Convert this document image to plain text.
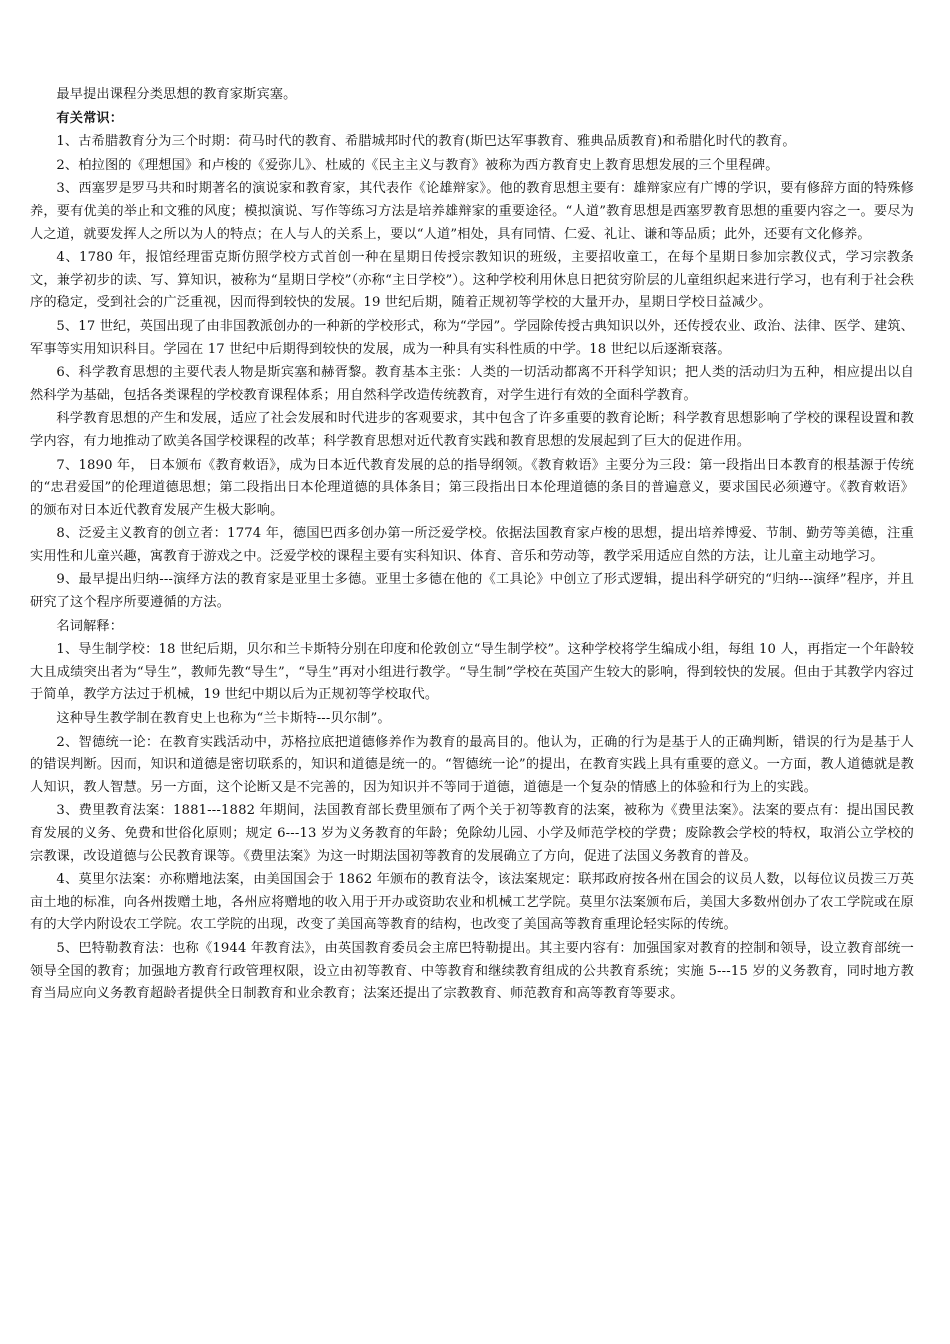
最早提出课程分类思想的教育家斯宾塞。

有关常识：

1、古希腊教育分为三个时期：荷马时代的教育、希腊城邦时代的教育(斯巴达军事教育、雅典品质教育)和希腊化时代的教育。

2、柏拉图的《理想国》和卢梭的《爱弥儿》、杜威的《民主主义与教育》被称为西方教育史上教育思想发展的三个里程碑。

3、西塞罗是罗马共和时期著名的演说家和教育家，其代表作《论雄辩家》。他的教育思想主要有：雄辩家应有广博的学识，要有修辞方面的特殊修养，要有优美的举止和文雅的风度；模拟演说、写作等练习方法是培养雄辩家的重要途径。“人道”教育思想是西塞罗教育思想的重要内容之一。要尽为人之道，就要发挥人之所以为人的特点；在人与人的关系上，要以“人道”相处，具有同情、仁爱、礼让、谦和等品质；此外，还要有文化修养。

4、1780 年，报馆经理雷克斯仿照学校方式首创一种在星期日传授宗教知识的班级，主要招收童工，在每个星期日参加宗教仪式，学习宗教条文，兼学初步的读、写、算知识，被称为“星期日学校”（亦称“主日学校”）。这种学校利用休息日把贫穷阶层的儿童组织起来进行学习，也有利于社会秩序的稳定，受到社会的广泛重视，因而得到较快的发展。19 世纪后期，随着正规初等学校的大量开办，星期日学校日益减少。

5、17 世纪，英国出现了由非国教派创办的一种新的学校形式，称为“学园”。学园除传授古典知识以外，还传授农业、政治、法律、医学、建筑、军事等实用知识科目。学园在 17 世纪中后期得到较快的发展，成为一种具有实科性质的中学。18 世纪以后逐渐衰落。

6、科学教育思想的主要代表人物是斯宾塞和赫胥黎。教育基本主张：人类的一切活动都离不开科学知识；把人类的活动归为五种，相应提出以自然科学为基础，包括各类课程的学校教育课程体系；用自然科学改造传统教育，对学生进行有效的全面科学教育。

科学教育思想的产生和发展，适应了社会发展和时代进步的客观要求，其中包含了许多重要的教育论断；科学教育思想影响了学校的课程设置和教学内容，有力地推动了欧美各国学校课程的改革；科学教育思想对近代教育实践和教育思想的发展起到了巨大的促进作用。

7、1890 年， 日本颁布《教育敕语》，成为日本近代教育发展的总的指导纲领。《教育敕语》主要分为三段：第一段指出日本教育的根基源于传统的“忠君爱国”的伦理道德思想；第二段指出日本伦理道德的具体条目；第三段指出日本伦理道德的条目的普遍意义，要求国民必须遵守。《教育敕语》的颁布对日本近代教育发展产生极大影响。

8、泛爱主义教育的创立者：1774 年，德国巴西多创办第一所泛爱学校。依据法国教育家卢梭的思想，提出培养博爱、节制、勤劳等美德，注重实用性和儿童兴趣，寓教育于游戏之中。泛爱学校的课程主要有实科知识、体育、音乐和劳动等，教学采用适应自然的方法，让儿童主动地学习。

9、最早提出归纳---演绎方法的教育家是亚里士多德。亚里士多德在他的《工具论》中创立了形式逻辑，提出科学研究的“归纳---演绎”程序，并且研究了这个程序所要遵循的方法。

名词解释：

1、导生制学校：18 世纪后期，贝尔和兰卡斯特分别在印度和伦敦创立“导生制学校”。这种学校将学生编成小组，每组 10 人，再指定一个年龄较大且成绩突出者为“导生”，教师先教“导生”，“导生”再对小组进行教学。“导生制”学校在英国产生较大的影响，得到较快的发展。但由于其教学内容过于简单，教学方法过于机械，19 世纪中期以后为正规初等学校取代。

这种导生教学制在教育史上也称为“兰卡斯特---贝尔制”。

2、智德统一论：在教育实践活动中，苏格拉底把道德修养作为教育的最高目的。他认为，正确的行为是基于人的正确判断，错误的行为是基于人的错误判断。因而，知识和道德是密切联系的，知识和道德是统一的。“智德统一论”的提出，在教育实践上具有重要的意义。一方面，教人道德就是教人知识，教人智慧。另一方面，这个论断又是不完善的，因为知识并不等同于道德，道德是一个复杂的情感上的体验和行为上的实践。

3、费里教育法案：1881---1882 年期间，法国教育部长费里颁布了两个关于初等教育的法案，被称为《费里法案》。法案的要点有：提出国民教育发展的义务、免费和世俗化原则；规定 6---13 岁为义务教育的年龄；免除幼儿园、小学及师范学校的学费；废除教会学校的特权，取消公立学校的宗教课，改设道德与公民教育课等。《费里法案》为这一时期法国初等教育的发展确立了方向，促进了法国义务教育的普及。

4、莫里尔法案：亦称赠地法案，由美国国会于 1862 年颁布的教育法令，该法案规定：联邦政府按各州在国会的议员人数，以每位议员拨三万英亩土地的标准，向各州拨赠土地，各州应将赠地的收入用于开办或资助农业和机械工艺学院。莫里尔法案颁布后，美国大多数州创办了农工学院或在原有的大学内附设农工学院。农工学院的出现，改变了美国高等教育的结构，也改变了美国高等教育重理论轻实际的传统。

5、巴特勒教育法：也称《1944 年教育法》，由英国教育委员会主席巴特勒提出。其主要内容有：加强国家对教育的控制和领导，设立教育部统一领导全国的教育；加强地方教育行政管理权限，设立由初等教育、中等教育和继续教育组成的公共教育系统；实施 5---15 岁的义务教育，同时地方教育当局应向义务教育超龄者提供全日制教育和业余教育；法案还提出了宗教教育、师范教育和高等教育等要求。
